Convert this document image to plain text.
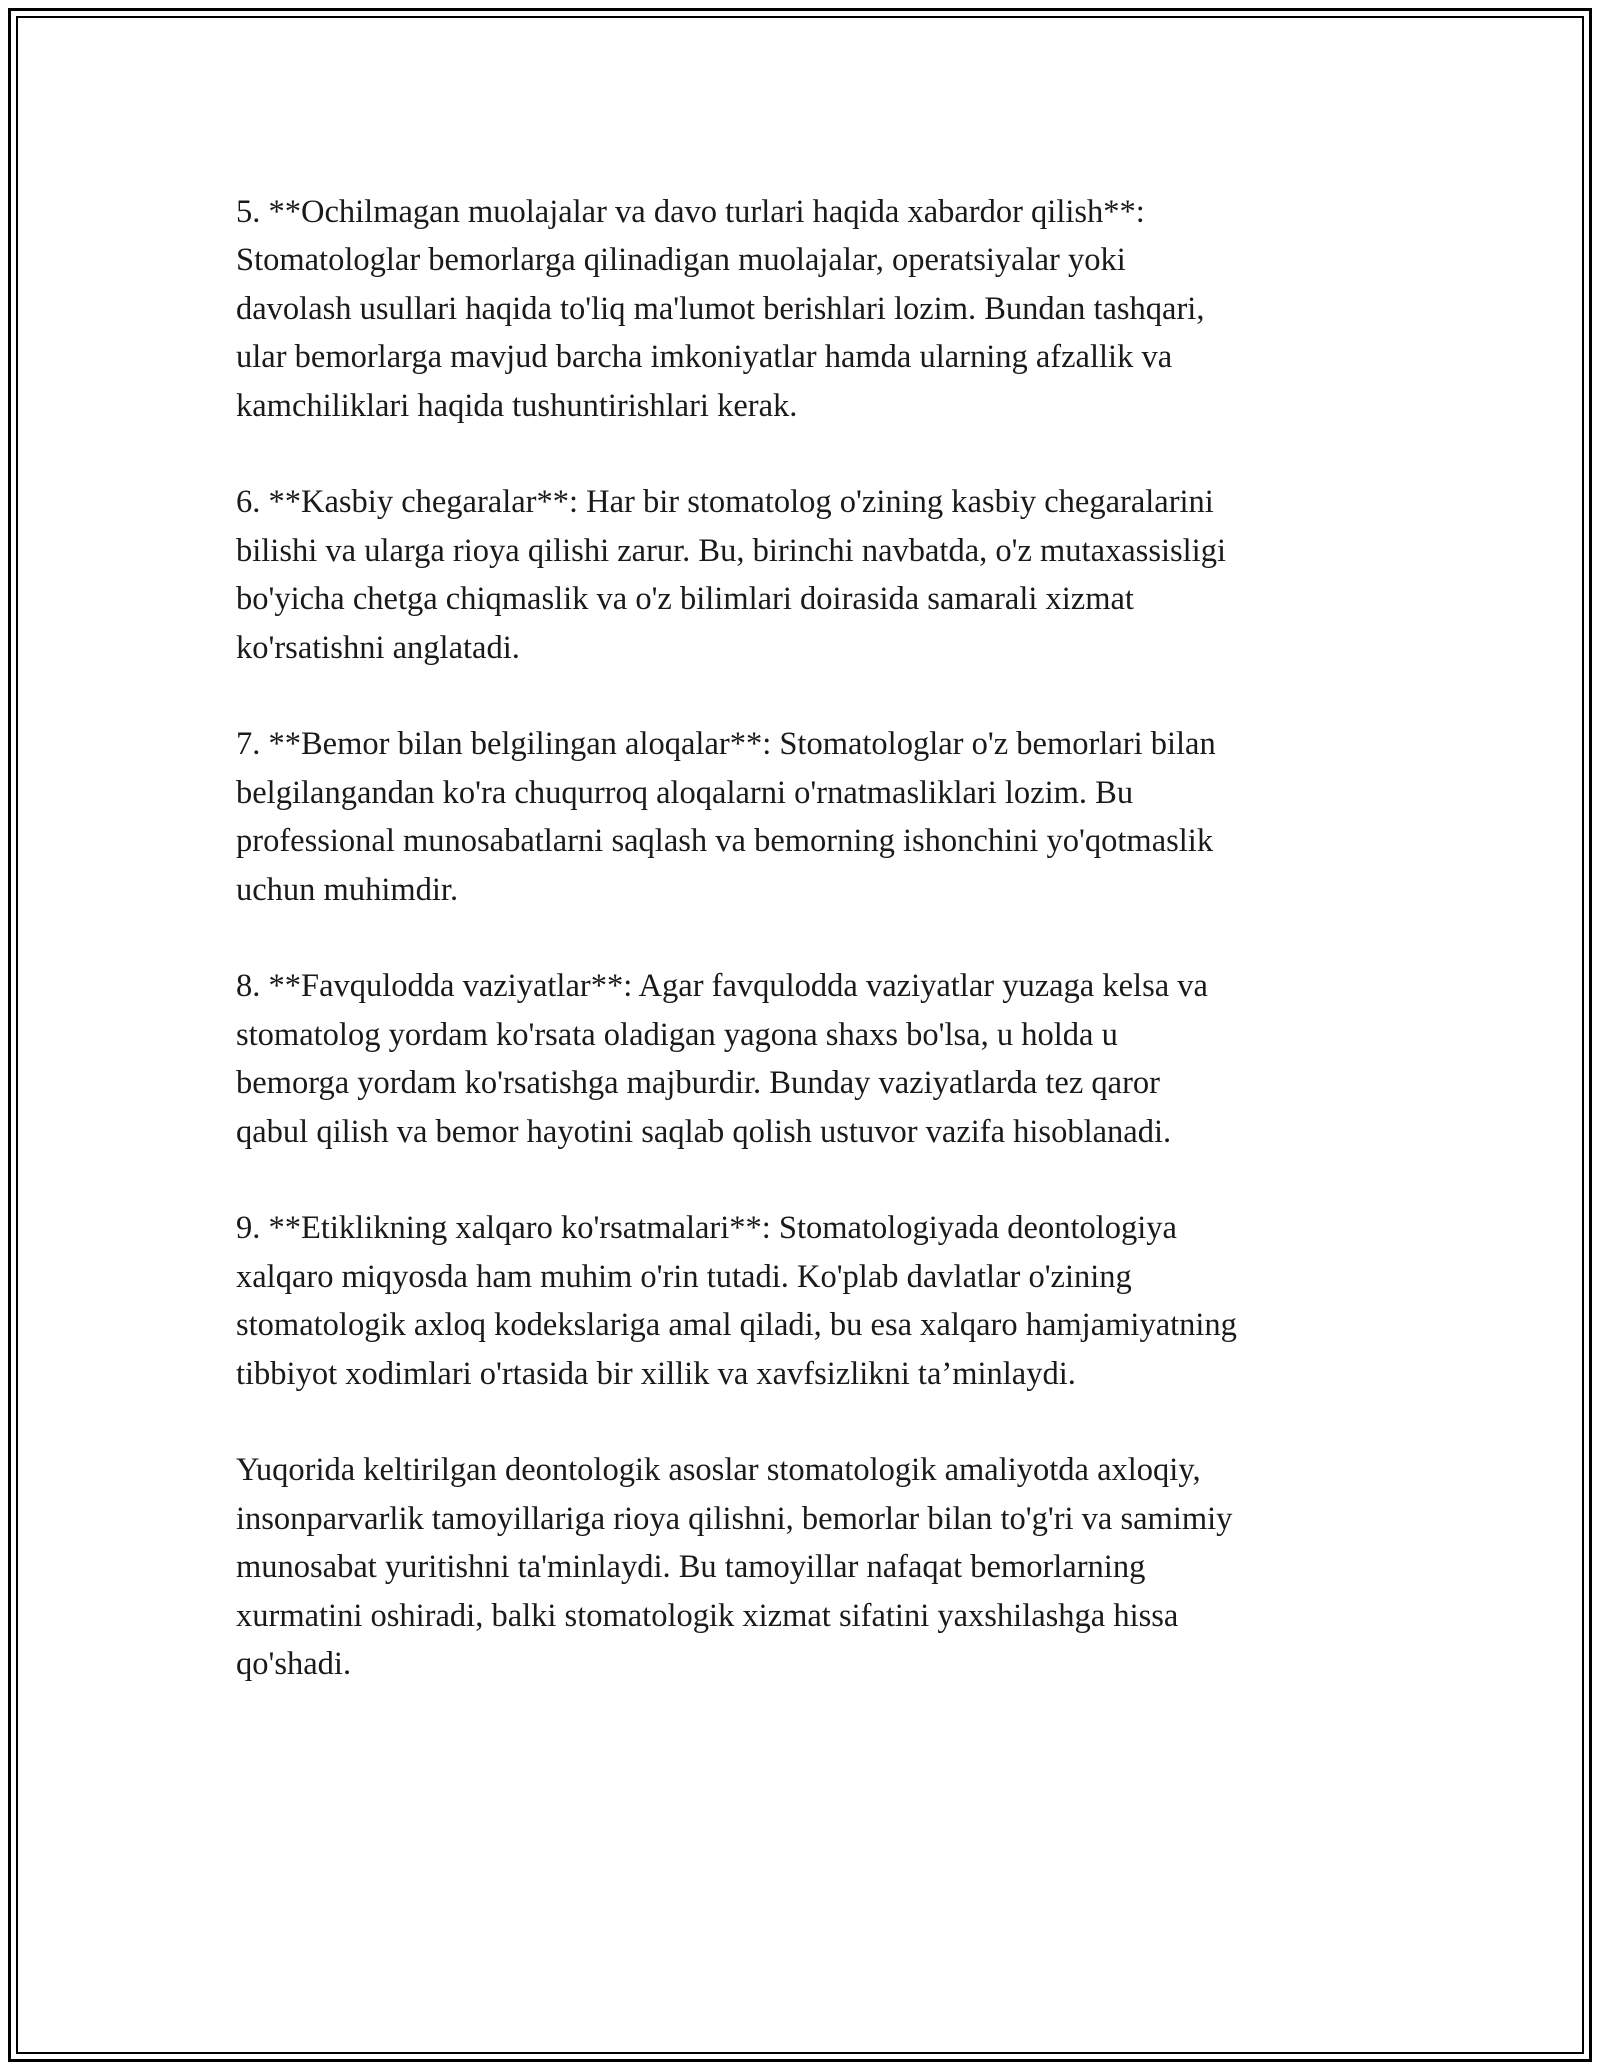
5. **Ochilmagan muolajalar va davo turlari haqida xabardor qilish**:
Stomatologlar bemorlarga qilinadigan muolajalar, operatsiyalar yoki
davolash usullari haqida to'liq ma'lumot berishlari lozim. Bundan tashqari,
ular bemorlarga mavjud barcha imkoniyatlar hamda ularning afzallik va
kamchiliklari haqida tushuntirishlari kerak.

6. **Kasbiy chegaralar**: Har bir stomatolog o'zining kasbiy chegaralarini
bilishi va ularga rioya qilishi zarur. Bu, birinchi navbatda, o'z mutaxassisligi
bo'yicha chetga chiqmaslik va o'z bilimlari doirasida samarali xizmat
ko'rsatishni anglatadi.

7. **Bemor bilan belgilingan aloqalar**: Stomatologlar o'z bemorlari bilan
belgilangandan ko'ra chuqurroq aloqalarni o'rnatmasliklari lozim. Bu
professional munosabatlarni saqlash va bemorning ishonchini yo'qotmaslik
uchun muhimdir.

8. **Favqulodda vaziyatlar**: Agar favqulodda vaziyatlar yuzaga kelsa va
stomatolog yordam ko'rsata oladigan yagona shaxs bo'lsa, u holda u
bemorga yordam ko'rsatishga majburdir. Bunday vaziyatlarda tez qaror
qabul qilish va bemor hayotini saqlab qolish ustuvor vazifa hisoblanadi.

9. **Etiklikning xalqaro ko'rsatmalari**: Stomatologiyada deontologiya
xalqaro miqyosda ham muhim o'rin tutadi. Ko'plab davlatlar o'zining
stomatologik axloq kodekslariga amal qiladi, bu esa xalqaro hamjamiyatning
tibbiyot xodimlari o'rtasida bir xillik va xavfsizlikni ta’minlaydi.

Yuqorida keltirilgan deontologik asoslar stomatologik amaliyotda axloqiy,
insonparvarlik tamoyillariga rioya qilishni, bemorlar bilan to'g'ri va samimiy
munosabat yuritishni ta'minlaydi. Bu tamoyillar nafaqat bemorlarning
xurmatini oshiradi, balki stomatologik xizmat sifatini yaxshilashga hissa
qo'shadi.
